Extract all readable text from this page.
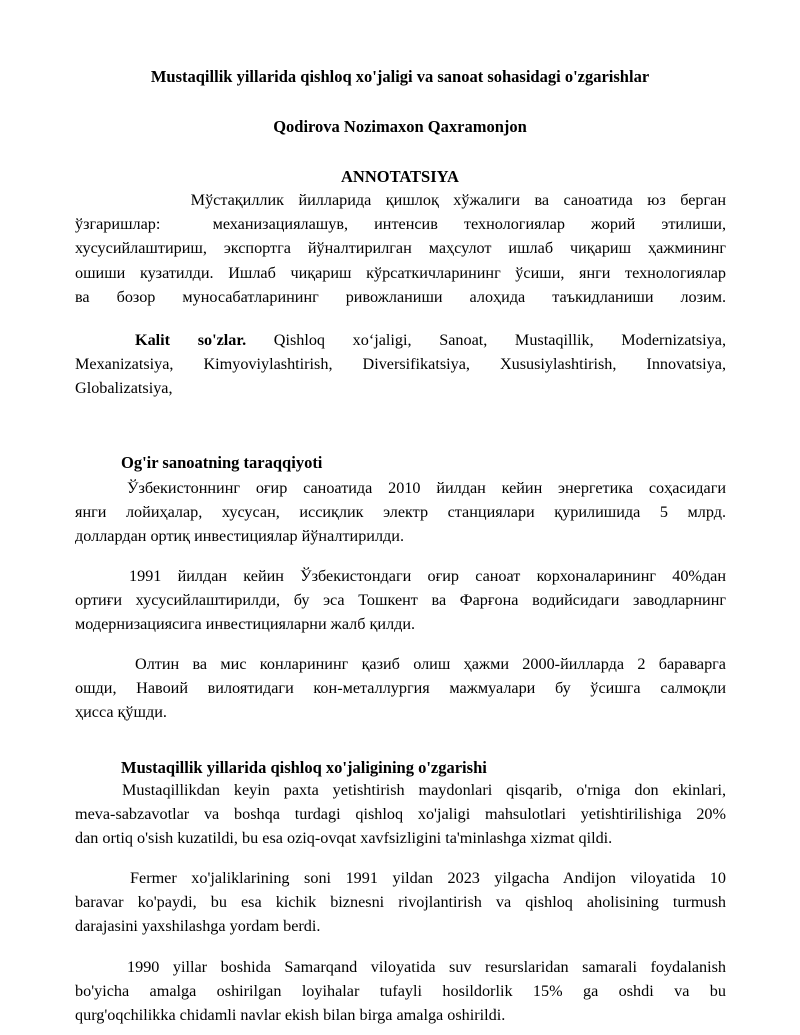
Mustaqillik yillarida qishloq xo'jaligi va sanoat sohasidagi o'zgarishlar
Qodirova Nozimaxon Qaxramonjon
ANNOTATSIYA
Мўстақиллик йилларида қишлоқ хўжалиги ва саноатида юз берган
ўзгаришлар:  механизациялашув, интенсив технологиялар жорий этилиши,
хусусийлаштириш, экспортга йўналтирилган маҳсулот ишлаб чиқариш ҳажмининг
ошиши кузатилди. Ишлаб чиқариш кўрсаткичларининг ўсиши, янги технологиялар
ва бозор муносабатларининг ривожланиши алоҳида таъкидланиши лозим.
Kalit so'zlar. Qishloq xo‘jaligi, Sanoat, Mustaqillik, Modernizatsiya,
Mexanizatsiya, Kimyoviylashtirish, Diversifikatsiya, Xususiylashtirish, Innovatsiya,
Globalizatsiya,
Og'ir sanoatning taraqqiyoti
Ўзбекистоннинг оғир саноатида 2010 йилдан кейин энергетика соҳасидаги
янги лойиҳалар, хусусан, иссиқлик электр станциялари қурилишида 5 млрд.
доллардан ортиқ инвестициялар йўналтирилди.
1991 йилдан кейин Ўзбекистондаги оғир саноат корхоналарининг 40%дан
ортиғи хусусийлаштирилди, бу эса Тошкент ва Фарғона водийсидаги заводларнинг
модернизациясига инвестицияларни жалб қилди.
Олтин ва мис конларининг қазиб олиш ҳажми 2000-йилларда 2 бараварга
ошди, Навоий вилоятидаги кон-металлургия мажмуалари бу ўсишга салмоқли
ҳисса қўшди.
Mustaqillik yillarida qishloq xo'jaligining o'zgarishi
Mustaqillikdan keyin paxta yetishtirish maydonlari qisqarib, o'rniga don ekinlari,
meva-sabzavotlar va boshqa turdagi qishloq xo'jaligi mahsulotlari yetishtirilishiga 20%
dan ortiq o'sish kuzatildi, bu esa oziq-ovqat xavfsizligini ta'minlashga xizmat qildi.
Fermer xo'jaliklarining soni 1991 yildan 2023 yilgacha Andijon viloyatida 10
baravar ko'paydi, bu esa kichik biznesni rivojlantirish va qishloq aholisining turmush
darajasini yaxshilashga yordam berdi.
1990 yillar boshida Samarqand viloyatida suv resurslaridan samarali foydalanish
bo'yicha amalga oshirilgan loyihalar tufayli hosildorlik 15% ga oshdi va bu
qurg'oqchilikka chidamli navlar ekish bilan birga amalga oshirildi.
